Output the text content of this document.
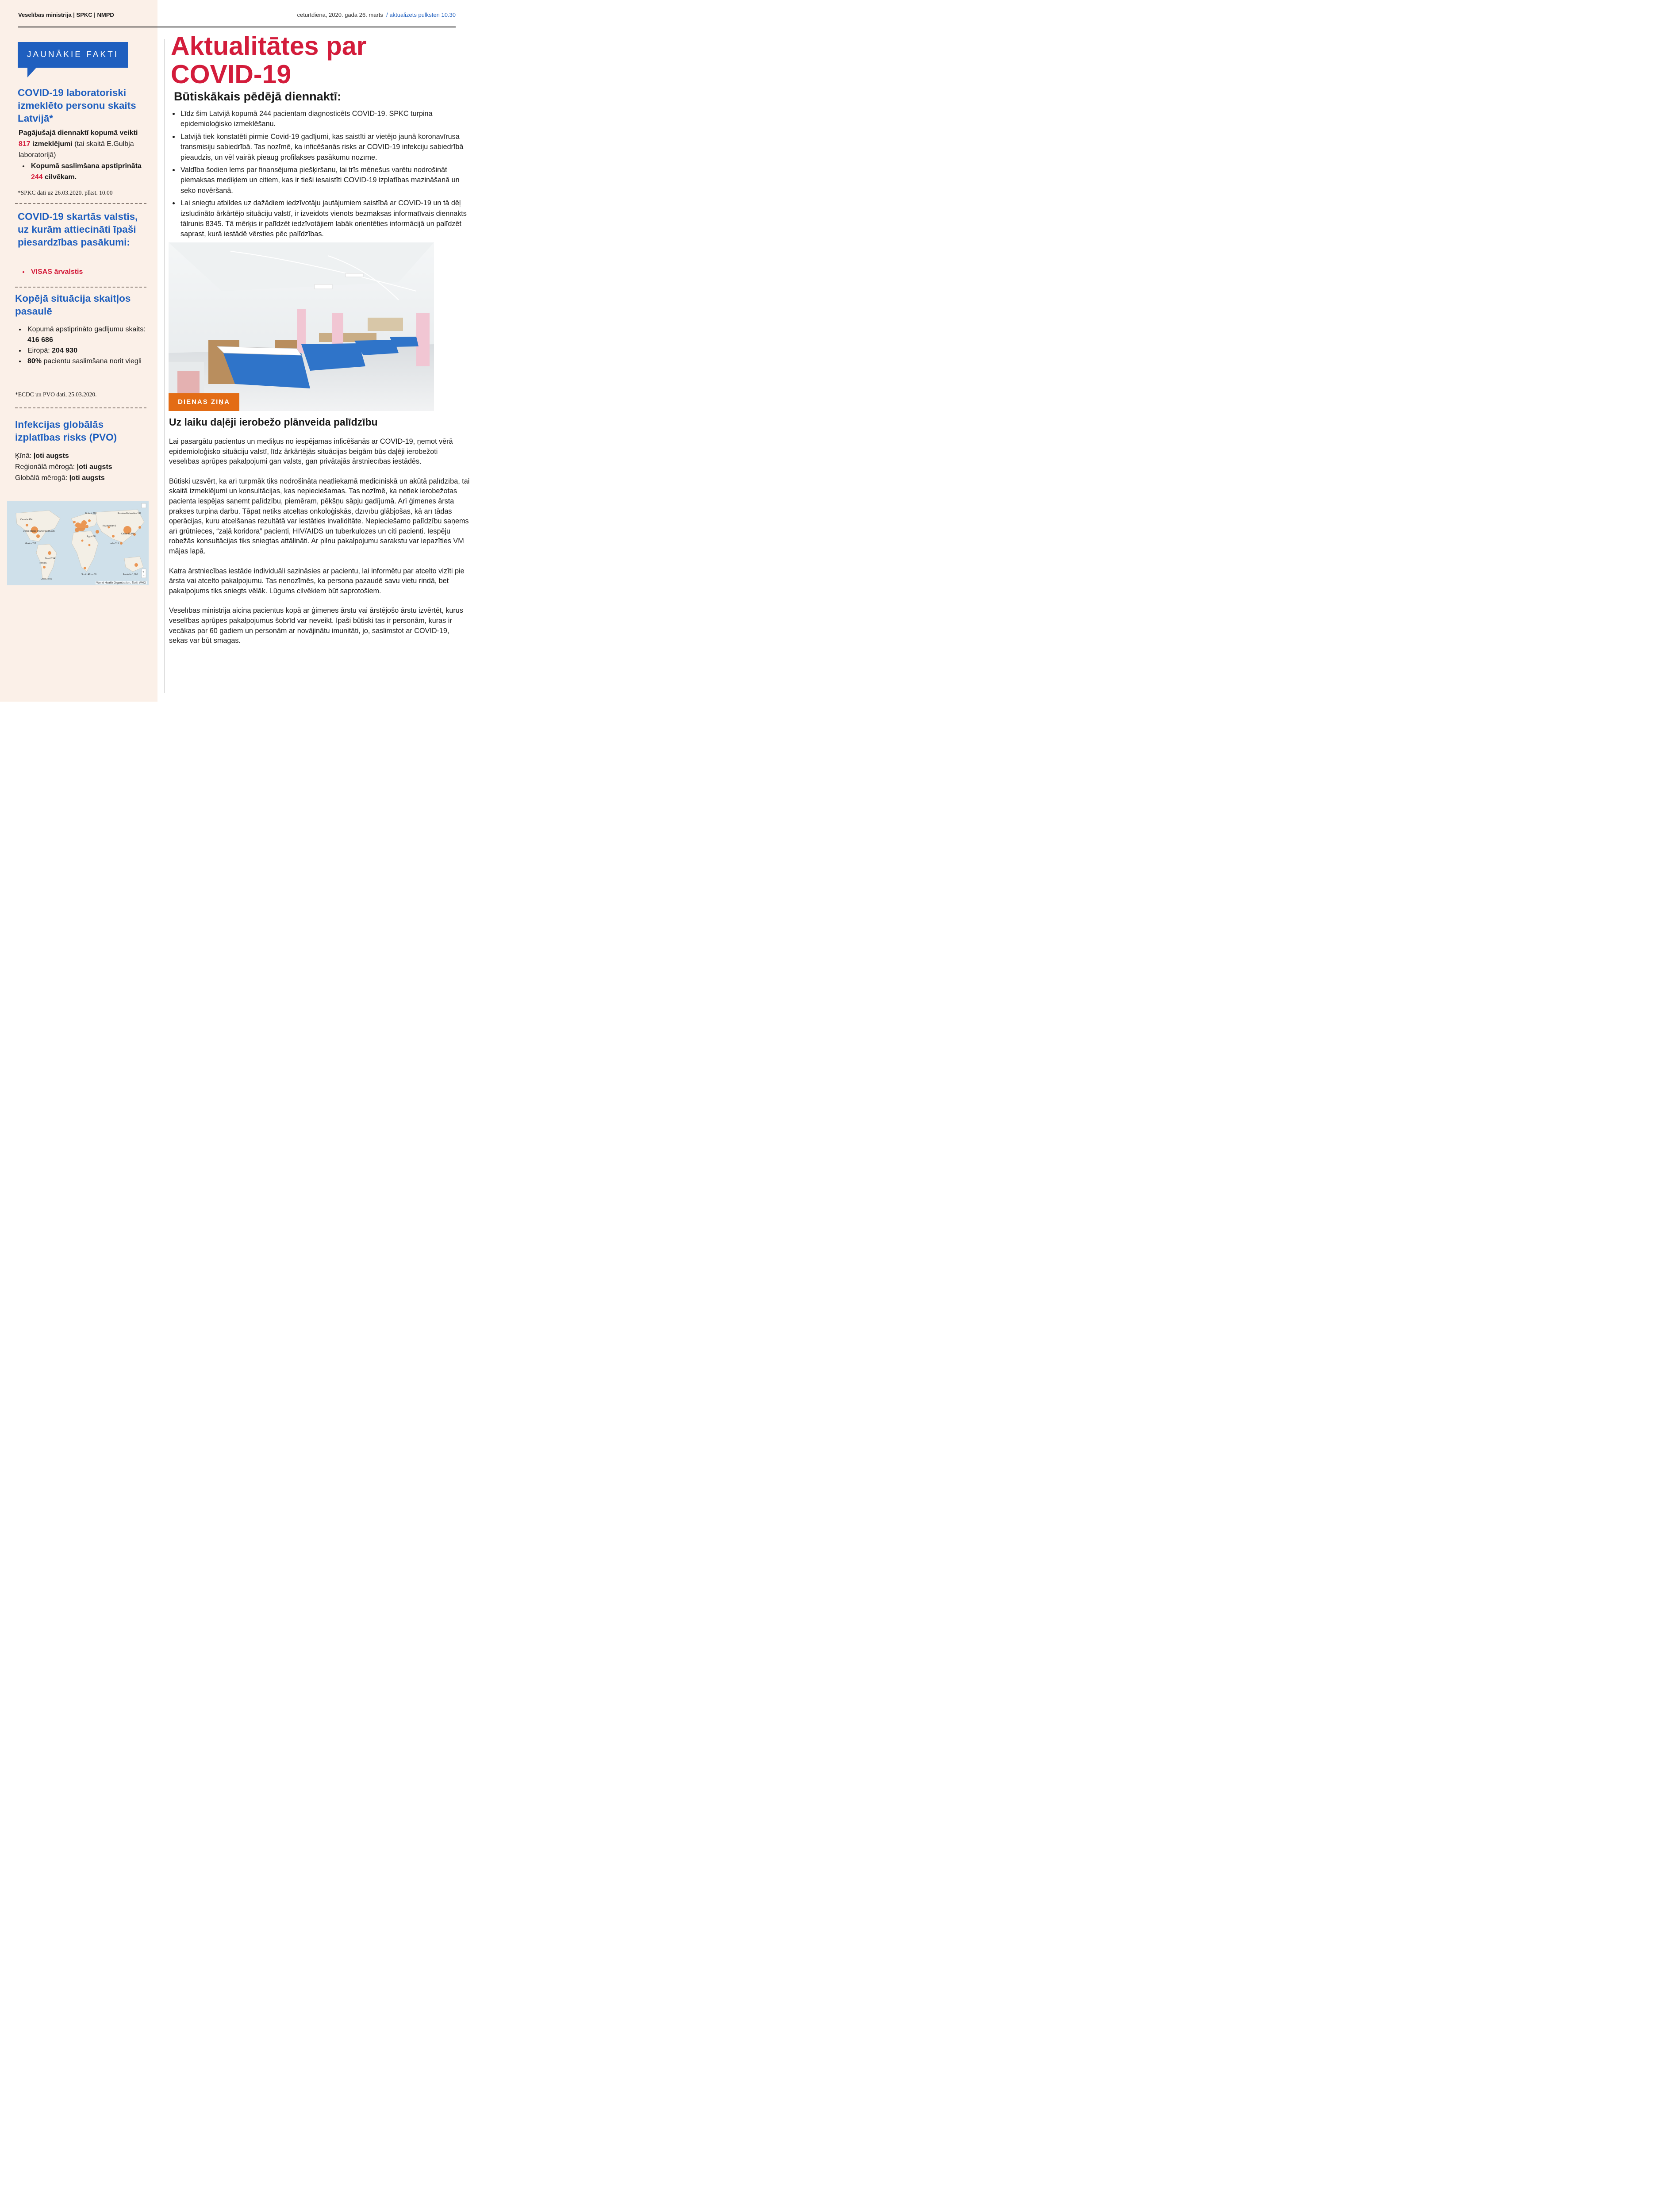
Veselības ministrija | SPKC | NMPD	ceturtdiena, 2020. gada 26. marts / aktualizēts pulksten 10.30
JAUNĀKIE FAKTI
COVID-19 laboratoriski izmeklēto personu skaits Latvijā*
Pagājušajā diennaktī kopumā veikti 817 izmeklējumi (tai skaitā E.Gulbja laboratorijā)
• Kopumā saslimšana apstiprināta 244 cilvēkam.
*SPKC dati uz 26.03.2020. plkst. 10.00
COVID-19 skartās valstis, uz kurām attiecināti īpaši piesardzības pasākumi:
• VISAS ārvalstis
Kopējā situācija skaitļos pasaulē
• Kopumā apstiprināto gadījumu skaits: 416 686
• Eiropā: 204 930
• 80% pacientu saslimšana norit viegli
*ECDC un PVO dati, 25.03.2020.
Infekcijas globālās izplatības risks (PVO)
Ķīnā: ļoti augsts
Reģionālā mērogā: ļoti augsts
Globālā mērogā: ļoti augsts
Canada:424
United States of America:55,036
Mexico:252
Brazil:234
Peru:86
Chile:1,016
Russian Federation:199
China:81,848
India:519
Australia:1,760
Kazakhstan:6
Egypt:86
South Africa:30
Finland:880
+
−
World Health Organization, Esri | WHO
Aktualitātes par
COVID-19
Būtiskākais pēdējā diennaktī:
• Līdz šim Latvijā kopumā 244 pacientam diagnosticēts COVID-19. SPKC turpina epidemioloģisko izmeklēšanu.
• Latvijā tiek konstatēti pirmie Covid-19 gadījumi, kas saistīti ar vietējo jaunā koronavīrusa transmisiju sabiedrībā. Tas nozīmē, ka inficēšanās risks ar COVID-19 infekciju sabiedrībā pieaudzis, un vēl vairāk pieaug profilakses pasākumu nozīme.
• Valdība šodien lems par finansējuma piešķiršanu, lai trīs mēnešus varētu nodrošināt piemaksas mediķiem un citiem, kas ir tieši iesaistīti COVID-19 izplatības mazināšanā un seko novēršanā.
• Lai sniegtu atbildes uz dažādiem iedzīvotāju jautājumiem saistībā ar COVID-19 un tā dēļ izsludināto ārkārtējo situāciju valstī, ir izveidots vienots bezmaksas informatīvais diennakts tālrunis 8345. Tā mērķis ir palīdzēt iedzīvotājiem labāk orientēties informācijā un palīdzēt saprast, kurā iestādē vērsties pēc palīdzības.
DIENAS ZIŅA
Uz laiku daļēji ierobežo plānveida palīdzību

Lai pasargātu pacientus un mediķus no iespējamas inficēšanās ar COVID-19, ņemot vērā epidemioloģisko situāciju valstī, līdz ārkārtējās situācijas beigām būs daļēji ierobežoti veselības aprūpes pakalpojumi gan valsts, gan privātajās ārstniecības iestādēs.

Būtiski uzsvērt, ka arī turpmāk tiks nodrošināta neatliekamā medicīniskā un akūtā palīdzība, tai skaitā izmeklējumi un konsultācijas, kas nepieciešamas. Tas nozīmē, ka netiek ierobežotas pacienta iespējas saņemt palīdzību, piemēram, pēkšņu sāpju gadījumā. Arī ģimenes ārsta prakses turpina darbu. Tāpat netiks atceltas onkoloģiskās, dzīvību glābjošas, kā arī tādas operācijas, kuru atcelšanas rezultātā var iestāties invaliditāte. Nepieciešamo palīdzību saņems arī grūtnieces, “zaļā koridora” pacienti, HIV/AIDS un tuberkulozes un citi pacienti. Iespēju robežās konsultācijas tiks sniegtas attālināti. Ar pilnu pakalpojumu sarakstu var iepazīties VM mājas lapā.

Katra ārstniecības iestāde individuāli sazināsies ar pacientu, lai informētu par atcelto vizīti pie ārsta vai atcelto pakalpojumu. Tas nenozīmēs, ka persona pazaudē savu vietu rindā, bet pakalpojums tiks sniegts vēlāk. Lūgums cilvēkiem būt saprotošiem.

Veselības ministrija aicina pacientus kopā ar ģimenes ārstu vai ārstējošo ārstu izvērtēt, kurus veselības aprūpes pakalpojumus šobrīd var neveikt. Īpaši būtiski tas ir personām, kuras ir vecākas par 60 gadiem un personām ar novājinātu imunitāti, jo, saslimstot ar COVID-19, sekas var būt smagas.
